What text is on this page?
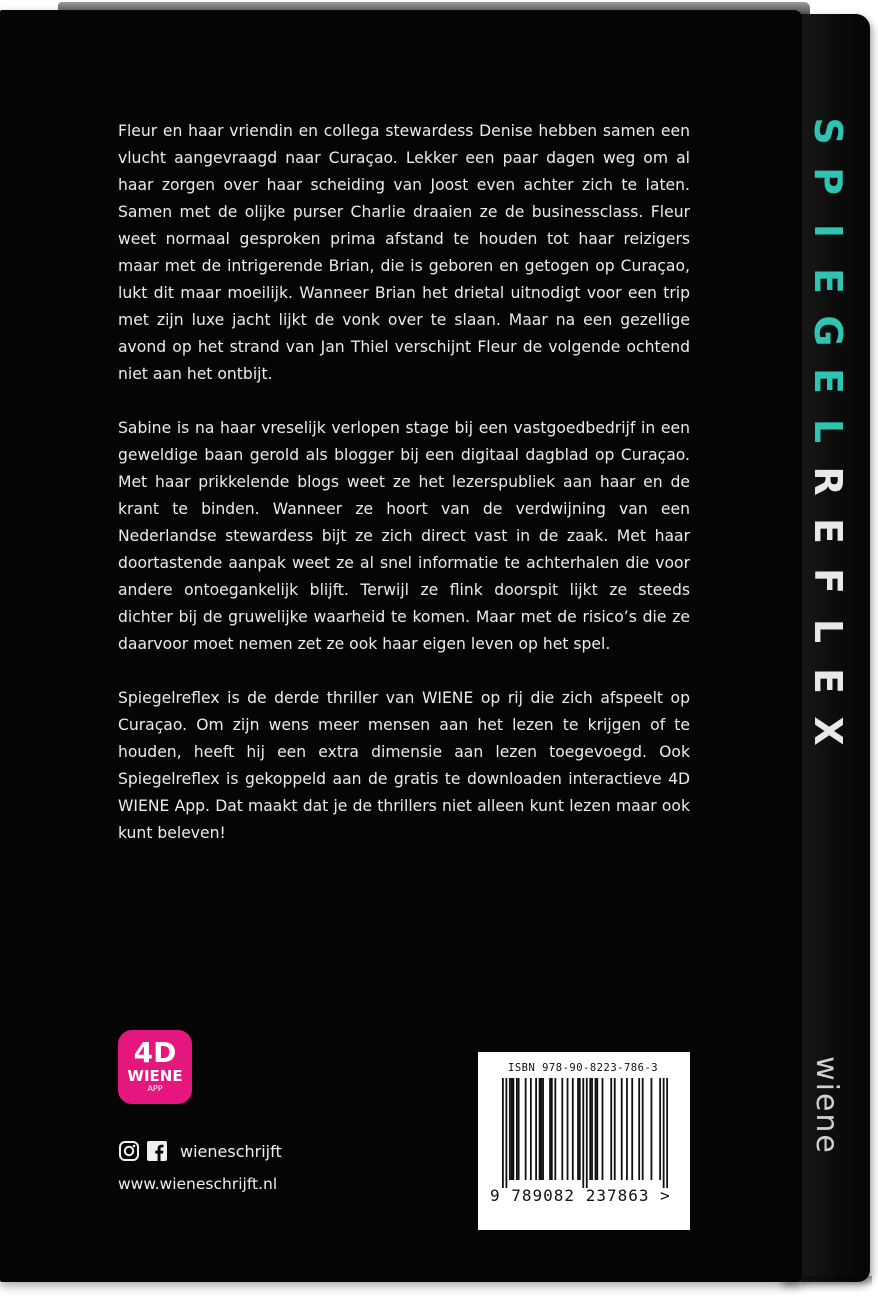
S
P
I
E
G
E
L
R
E
F
L
E
X
wiene

Fleur en haar vriendin en collega stewardess Denise hebben samen een vlucht aangevraagd naar Curaçao. Lekker een paar dagen weg om al haar zorgen over haar scheiding van Joost even achter zich te laten. Samen met de olijke purser Charlie draaien ze de businessclass. Fleur weet normaal gesproken prima afstand te houden tot haar reizigers maar met de intrigerende Brian, die is geboren en getogen op Curaçao, lukt dit maar moeilijk. Wanneer Brian het drietal uitnodigt voor een trip met zijn luxe jacht lijkt de vonk over te slaan. Maar na een gezellige avond op het strand van Jan Thiel verschijnt Fleur de volgende ochtend niet aan het ontbijt.

Sabine is na haar vreselijk verlopen stage bij een vastgoedbedrijf in een geweldige baan gerold als blogger bij een digitaal dagblad op Curaçao. Met haar prikkelende blogs weet ze het lezerspubliek aan haar en de krant te binden. Wanneer ze hoort van de verdwijning van een Nederlandse stewardess bijt ze zich direct vast in de zaak. Met haar doortastende aanpak weet ze al snel informatie te achterhalen die voor andere ontoegankelijk blijft. Terwijl ze flink doorspit lijkt ze steeds dichter bij de gruwelijke waarheid te komen. Maar met de risico’s die ze daarvoor moet nemen zet ze ook haar eigen leven op het spel.

Spiegelreflex is de derde thriller van WIENE op rij die zich afspeelt op Curaçao. Om zijn wens meer mensen aan het lezen te krijgen of te houden, heeft hij een extra dimensie aan lezen toegevoegd. Ook Spiegelreflex is gekoppeld aan de gratis te downloaden interactieve 4D WIENE App. Dat maakt dat je de thrillers niet alleen kunt lezen maar ook kunt beleven!

4D
WIENE
APP
wieneschrijft
www.wieneschrijft.nl
ISBN 978-90-8223-786-3
9 789082 237863 >
